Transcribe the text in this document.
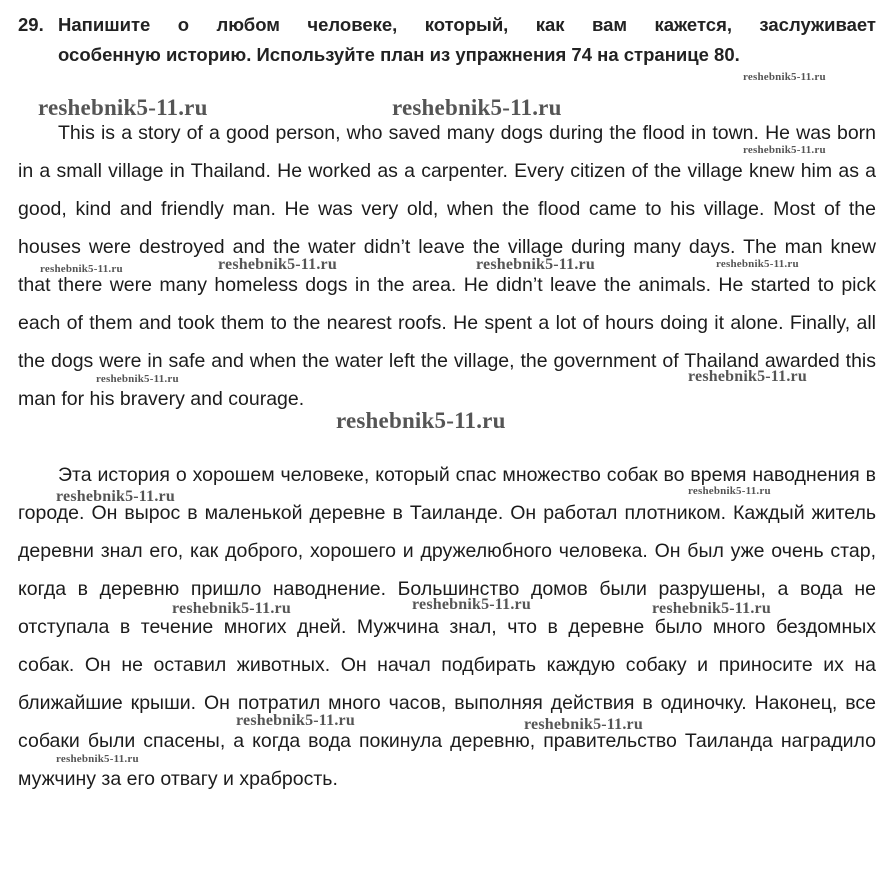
29. Напишите о любом человеке, который, как вам кажется, заслуживает
особенную историю. Используйте план из упражнения 74 на странице 80.
This is a story of a good person, who saved many dogs during the flood in town. He was born in a small village in Thailand. He worked as a carpenter. Every citizen of the village knew him as a good, kind and friendly man. He was very old, when the flood came to his village. Most of the houses were destroyed and the water didn’t leave the village during many days. The man knew that there were many homeless dogs in the area. He didn’t leave the animals. He started to pick each of them and took them to the nearest roofs. He spent a lot of hours doing it alone. Finally, all the dogs were in safe and when the water left the village, the government of Thailand awarded this man for his bravery and courage.
Эта история о хорошем человеке, который спас множество собак во время наводнения в городе. Он вырос в маленькой деревне в Таиланде. Он работал плотником. Каждый житель деревни знал его, как доброго, хорошего и дружелюбного человека. Он был уже очень стар, когда в деревню пришло наводнение. Большинство домов были разрушены, а вода не отступала в течение многих дней. Мужчина знал, что в деревне было много бездомных собак. Он не оставил животных. Он начал подбирать каждую собаку и приносите их на ближайшие крыши. Он потратил много часов, выполняя действия в одиночку. Наконец, все собаки были спасены, а когда вода покинула деревню, правительство Таиланда наградило мужчину за его отвагу и храбрость.
reshebnik5-11.ru
reshebnik5-11.ru	reshebnik5-11.ru
reshebnik5-11.ru
reshebnik5-11.ru	reshebnik5-11.ru	reshebnik5-11.ru	reshebnik5-11.ru
reshebnik5-11.ru	reshebnik5-11.ru
reshebnik5-11.ru
reshebnik5-11.ru	reshebnik5-11.ru
reshebnik5-11.ru	reshebnik5-11.ru	reshebnik5-11.ru
reshebnik5-11.ru	reshebnik5-11.ru
reshebnik5-11.ru
